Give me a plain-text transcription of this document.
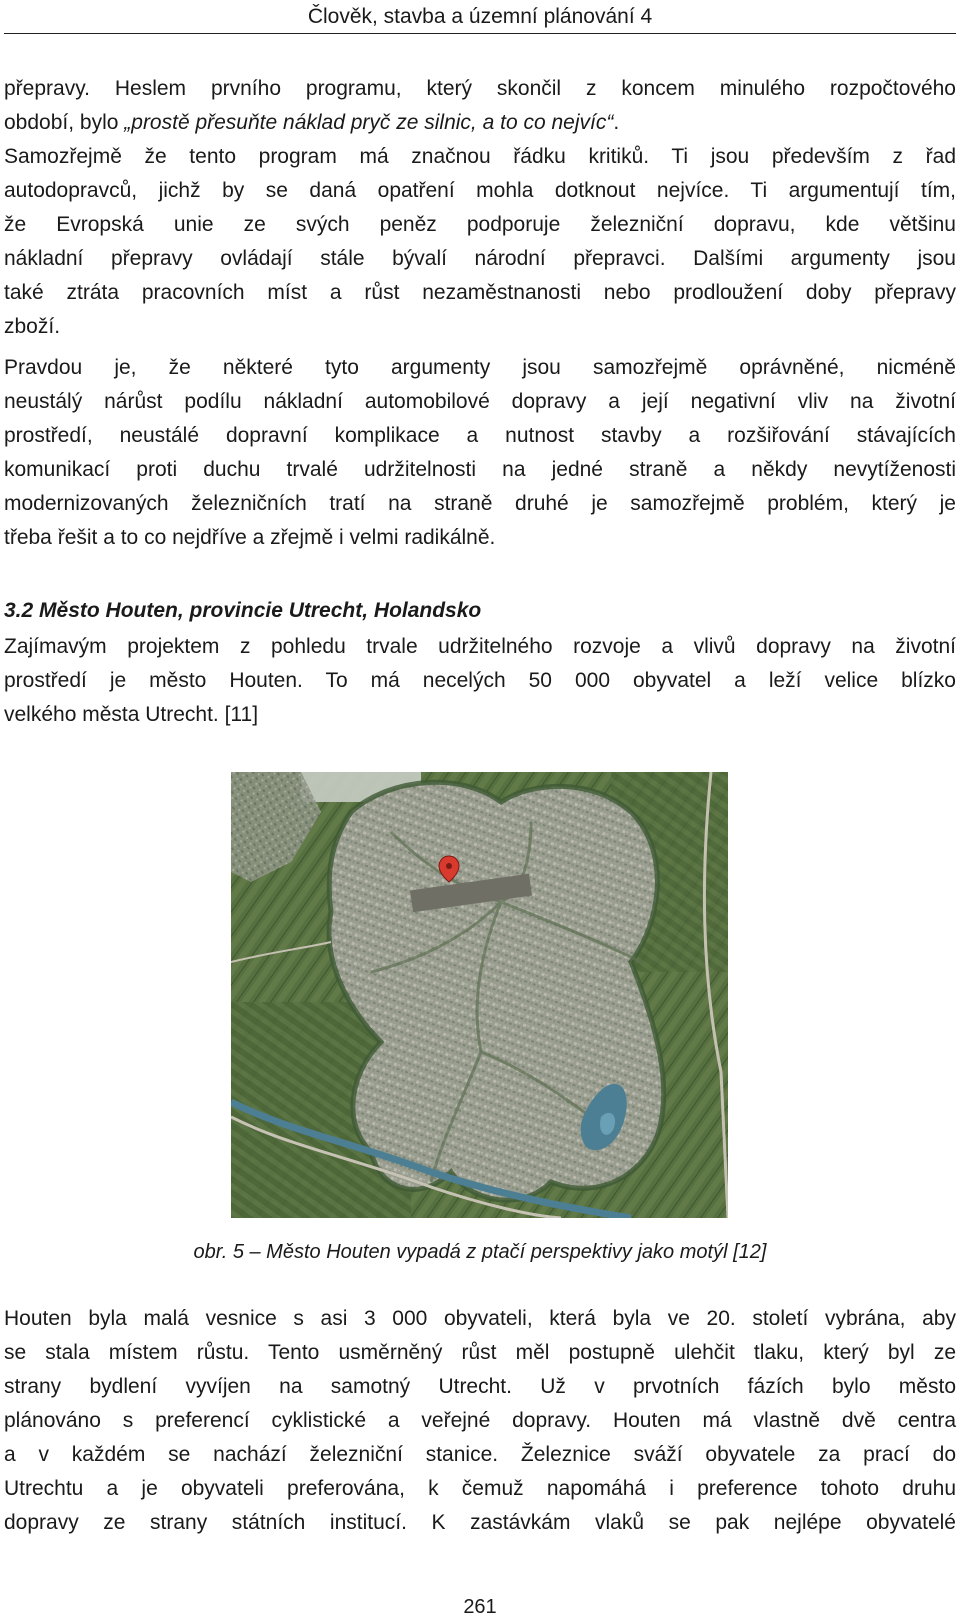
Člověk, stavba a územní plánování 4
přepravy. Heslem prvního programu, který skončil z koncem minulého rozpočtového
období, bylo „prostě přesuňte náklad pryč ze silnic, a to co nejvíc“.
Samozřejmě že tento program má značnou řádku kritiků. Ti jsou především z řad
autodopravců, jichž by se daná opatření mohla dotknout nejvíce. Ti argumentují tím,
že Evropská unie ze svých peněz podporuje železniční dopravu, kde většinu
nákladní přepravy ovládají stále bývalí národní přepravci. Dalšími argumenty jsou
také ztráta pracovních míst a růst nezaměstnanosti nebo prodloužení doby přepravy
zboží.
Pravdou je, že některé tyto argumenty jsou samozřejmě oprávněné, nicméně
neustálý nárůst podílu nákladní automobilové dopravy a její negativní vliv na životní
prostředí, neustálé dopravní komplikace a nutnost stavby a rozšiřování stávajících
komunikací proti duchu trvalé udržitelnosti na jedné straně a někdy nevytíženosti
modernizovaných železničních tratí na straně druhé je samozřejmě problém, který je
třeba řešit a to co nejdříve a zřejmě i velmi radikálně.
3.2 Město Houten, provincie Utrecht, Holandsko
Zajímavým projektem z pohledu trvale udržitelného rozvoje a vlivů dopravy na životní
prostředí je město Houten. To má necelých 50 000 obyvatel a leží velice blízko
velkého města Utrecht. [11]
obr. 5 – Město Houten vypadá z ptačí perspektivy jako motýl [12]
Houten byla malá vesnice s asi 3 000 obyvateli, která byla ve 20. století vybrána, aby
se stala místem růstu. Tento usměrněný růst měl postupně ulehčit tlaku, který byl ze
strany bydlení vyvíjen na samotný Utrecht. Už v prvotních fázích bylo město
plánováno s preferencí cyklistické a veřejné dopravy. Houten má vlastně dvě centra
a v každém se nachází železniční stanice. Železnice sváží obyvatele za prací do
Utrechtu a je obyvateli preferována, k čemuž napomáhá i preference tohoto druhu
dopravy ze strany státních institucí. K zastávkám vlaků se pak nejlépe obyvatelé
261
